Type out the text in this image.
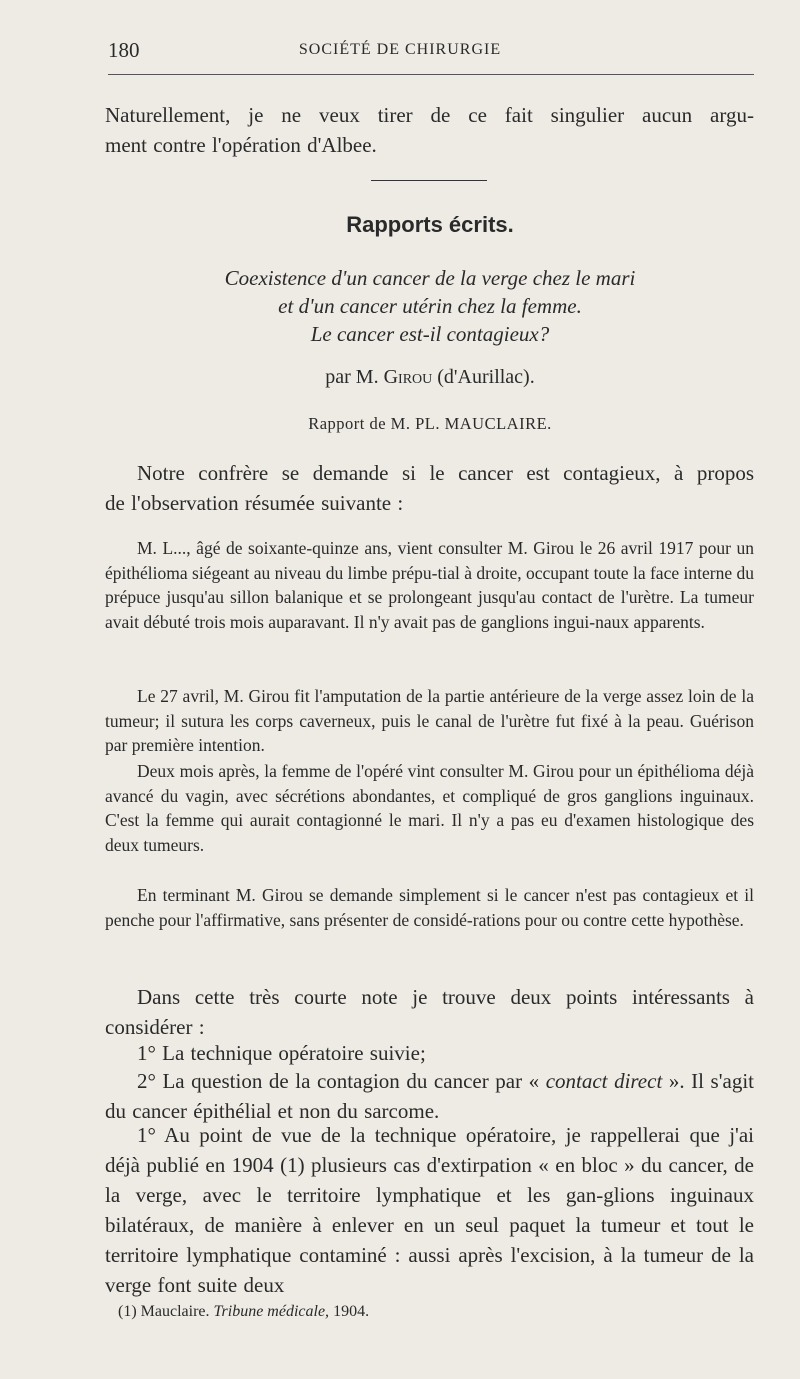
180	SOCIÉTÉ DE CHIRURGIE
Naturellement, je ne veux tirer de ce fait singulier aucun argu-
ment contre l'opération d'Albee.
Rapports écrits.
Coexistence d'un cancer de la verge chez le mari
et d'un cancer utérin chez la femme.
Le cancer est-il contagieux?
par M. Girou (d'Aurillac).
Rapport de M. PL. MAUCLAIRE.
Notre confrère se demande si le cancer est contagieux, à propos
de l'observation résumée suivante :
M. L..., âgé de soixante-quinze ans, vient consulter M. Girou le 26 avril 1917 pour un épithélioma siégeant au niveau du limbe prépu-tial à droite, occupant toute la face interne du prépuce jusqu'au sillon balanique et se prolongeant jusqu'au contact de l'urètre. La tumeur avait débuté trois mois auparavant. Il n'y avait pas de ganglions ingui-naux apparents.
Le 27 avril, M. Girou fit l'amputation de la partie antérieure de la verge assez loin de la tumeur; il sutura les corps caverneux, puis le canal de l'urètre fut fixé à la peau. Guérison par première intention.
Deux mois après, la femme de l'opéré vint consulter M. Girou pour un épithélioma déjà avancé du vagin, avec sécrétions abondantes, et compliqué de gros ganglions inguinaux. C'est la femme qui aurait contagionné le mari. Il n'y a pas eu d'examen histologique des deux tumeurs.
En terminant M. Girou se demande simplement si le cancer n'est pas contagieux et il penche pour l'affirmative, sans présenter de considé-rations pour ou contre cette hypothèse.
Dans cette très courte note je trouve deux points intéressants à considérer :
1° La technique opératoire suivie;
2° La question de la contagion du cancer par « contact direct ». Il s'agit du cancer épithélial et non du sarcome.
1° Au point de vue de la technique opératoire, je rappellerai que j'ai déjà publié en 1904 (1) plusieurs cas d'extirpation « en bloc » du cancer, de la verge, avec le territoire lymphatique et les gan-glions inguinaux bilatéraux, de manière à enlever en un seul paquet la tumeur et tout le territoire lymphatique contaminé : aussi après l'excision, à la tumeur de la verge font suite deux
(1) Mauclaire. Tribune médicale, 1904.
